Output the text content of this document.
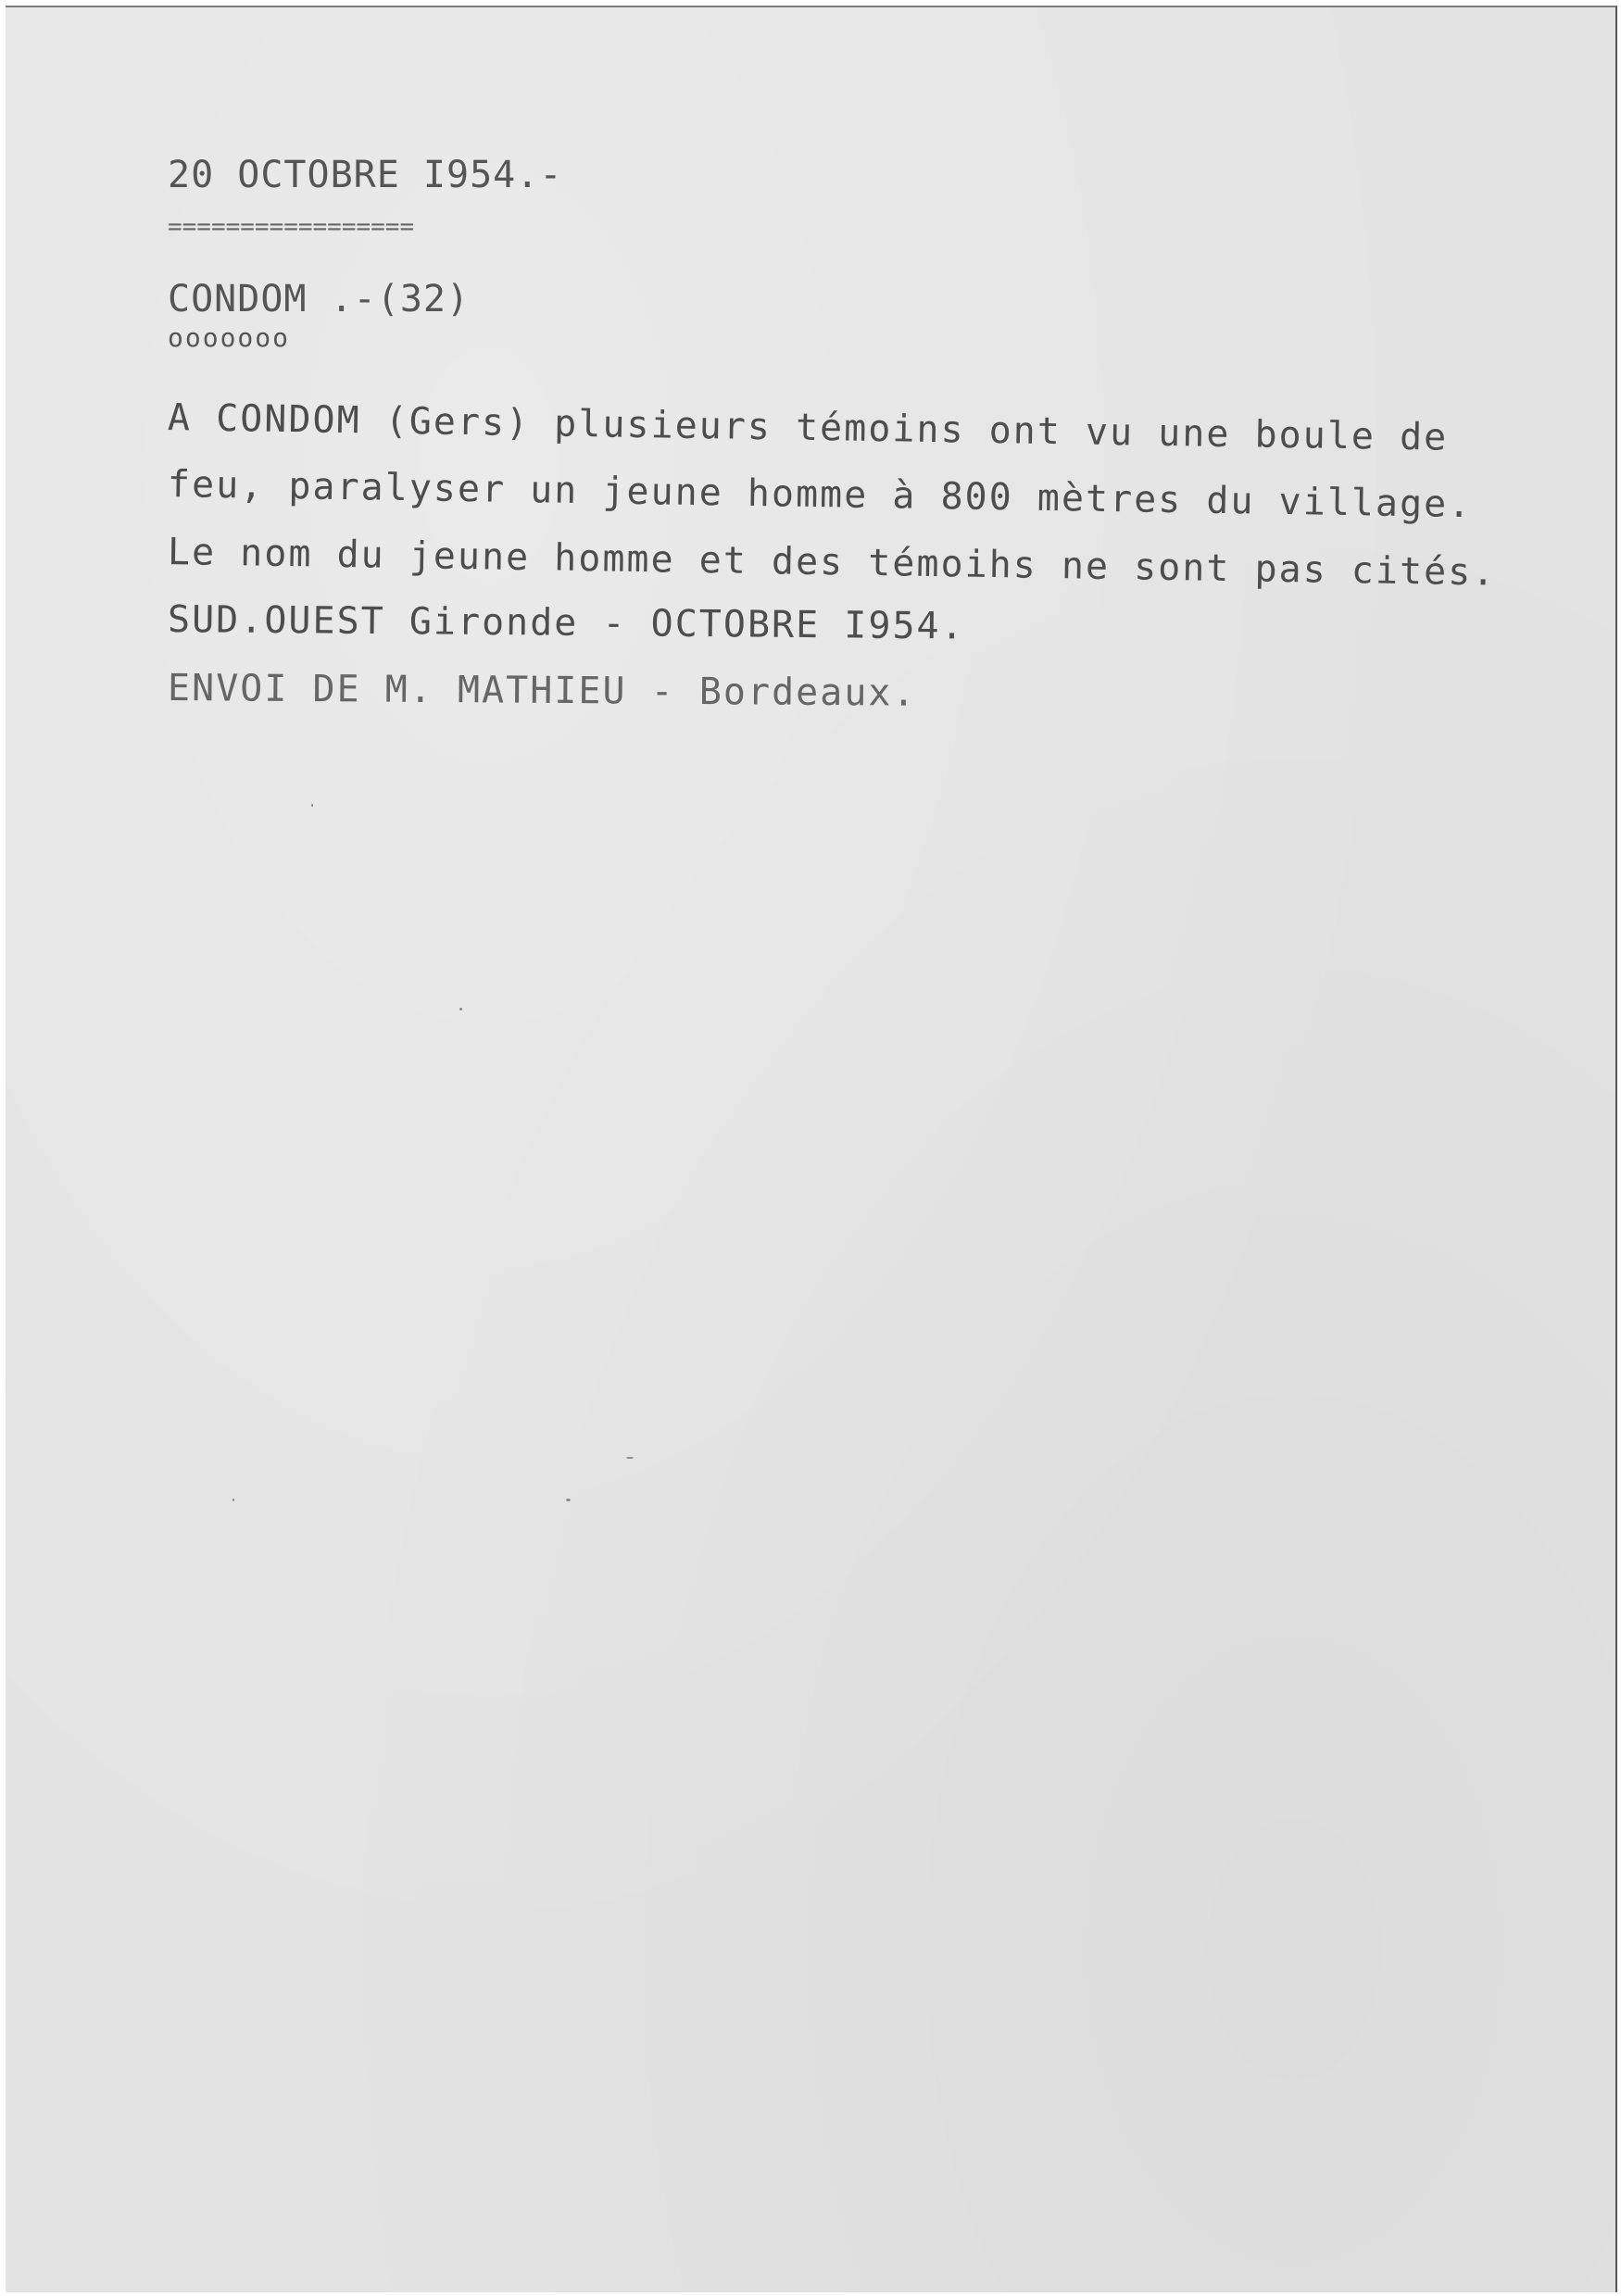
20 OCTOBRE I954.-
=================
CONDOM .-(32)
ooooooo
A CONDOM (Gers) plusieurs témoins ont vu une boule de
feu, paralyser un jeune homme à 800 mètres du village.
Le nom du jeune homme et des témoihs ne sont pas cités.
SUD.OUEST Gironde - OCTOBRE I954.
ENVOI DE M. MATHIEU - Bordeaux.
